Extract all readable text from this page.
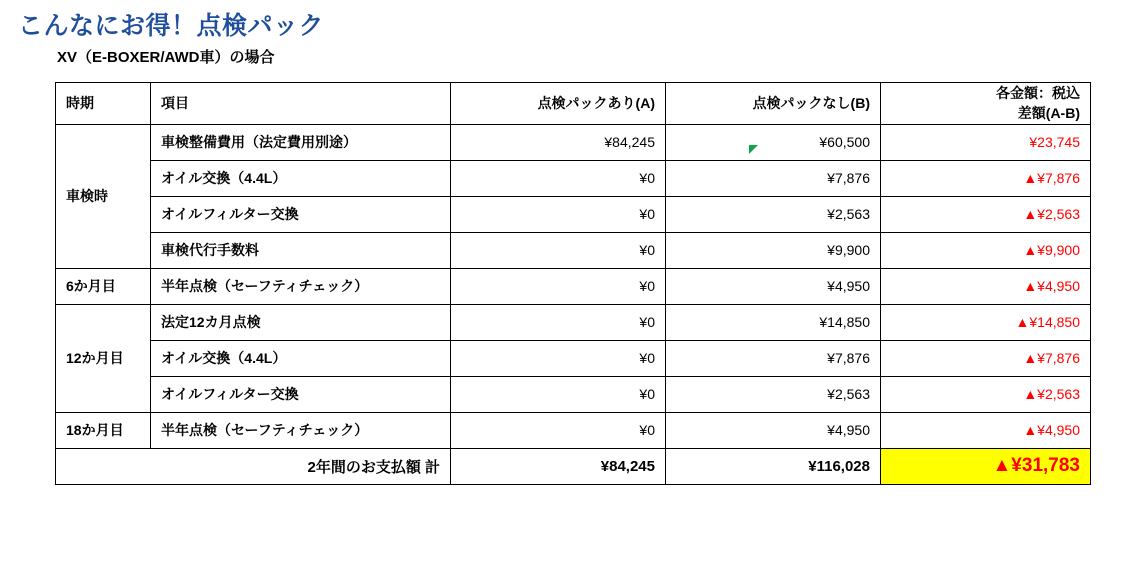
こんなにお得！点検パック
XV（E-BOXER/AWD車）の場合
時期	項目	点検パックあり(A)	点検パックなし(B)	各金額：税込
差額(A-B)

車検時	車検整備費用（法定費用別途）	¥84,245	¥60,500	¥23,745
	オイル交換（4.4L）	¥0	¥7,876	▲¥7,876
	オイルフィルター交換	¥0	¥2,563	▲¥2,563
	車検代行手数料	¥0	¥9,900	▲¥9,900
6か月目	半年点検（セーフティチェック）	¥0	¥4,950	▲¥4,950
12か月目	法定12カ月点検	¥0	¥14,850	▲¥14,850
	オイル交換（4.4L）	¥0	¥7,876	▲¥7,876
	オイルフィルター交換	¥0	¥2,563	▲¥2,563
18か月目	半年点検（セーフティチェック）	¥0	¥4,950	▲¥4,950
2年間のお支払額 計		¥84,245	¥116,028	▲¥31,783
